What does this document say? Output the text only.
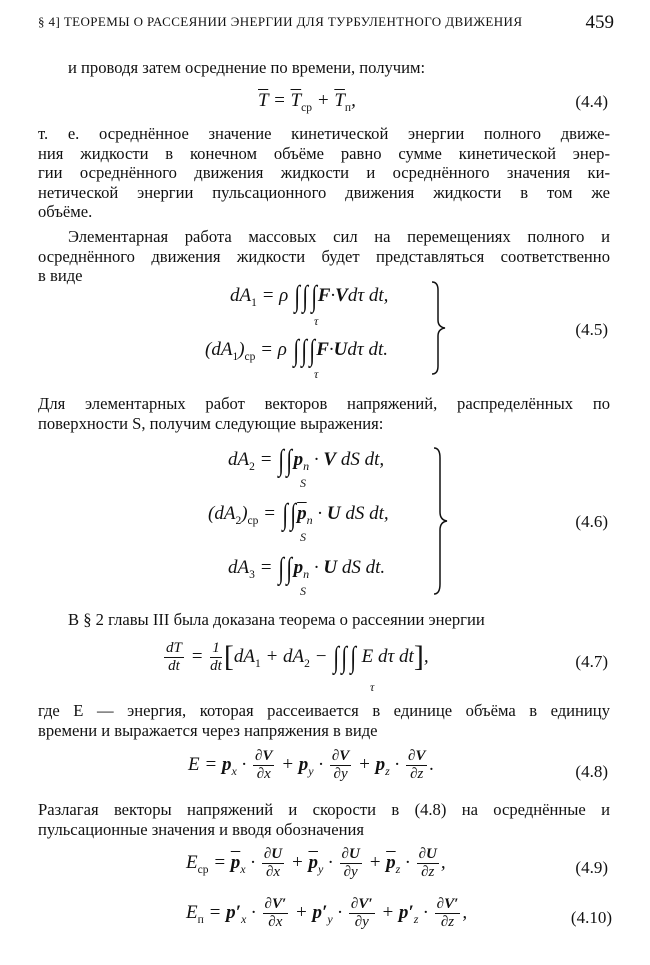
§ 4] ТЕОРЕМЫ О РАССЕЯНИИ ЭНЕРГИИ ДЛЯ ТУРБУЛЕНТНОГО ДВИЖЕНИЯ	459
и проводя затем осреднение по времени, получим:
$\overline{T} = \overline{T}_{ср} + \overline{T}_п$,	(4.4)
т. е. осреднённое значение кинетической энергии полного движе-
ния жидкости в конечном объёме равно сумме кинетической энер-
гии осреднённого движения жидкости и осреднённого значения ки-
нетической энергии пульсационного движения жидкости в том же
объёме.
Элементарная работа массовых сил на перемещениях полного и
осреднённого движения жидкости будет представляться соответственно
в виде
$dA_1 = \rho$ ∫∫∫F·Vdτ dt,
τ
$(dA_1)_{ср} = \rho$ ∫∫∫F·Udτ dt.
τ
(4.5)
Для элементарных работ векторов напряжений, распределённых по
поверхности S, получим следующие выражения:
$dA_2 = \int\int p_n \cdot V$ dS dt,
S
$(dA_2)_{ср} = \int\int\overline{p}_n \cdot U$ dS dt,
S
$dA_3 = \int\int p_n \cdot U$ dS dt.
S
(4.6)
В § 2 главы III была доказана теорема о рассеянии энергии
$\frac{dT}{dt} = \frac{1}{dt} [dA_1 + dA_2$ − ∫∫∫ E dτ dt],
τ
(4.7)
где E — энергия, которая рассеивается в единице объёма в единицу
времени и выражается через напряжения в виде
$E = p_x \cdot \frac{\partial V}{\partial x} + p_y \cdot \frac{\partial V}{\partial y} + p_z \cdot \frac{\partial V}{\partial z}$ .	(4.8)
Разлагая векторы напряжений и скорости в (4.8) на осреднённые и
пульсационные значения и вводя обозначения
$E_{ср} = \overline{p}_x \cdot \frac{\partial U}{\partial x} + \overline{p}_y \cdot \frac{\partial U}{\partial y} + \overline{p}_z \cdot \frac{\partial U}{\partial z}$ ,	(4.9)
$E_п = p'_x \cdot \frac{\partial V'}{\partial x} + p'_y \cdot \frac{\partial V'}{\partial y} + p'_z \cdot \frac{\partial V'}{\partial z}$ ,	(4.10)
